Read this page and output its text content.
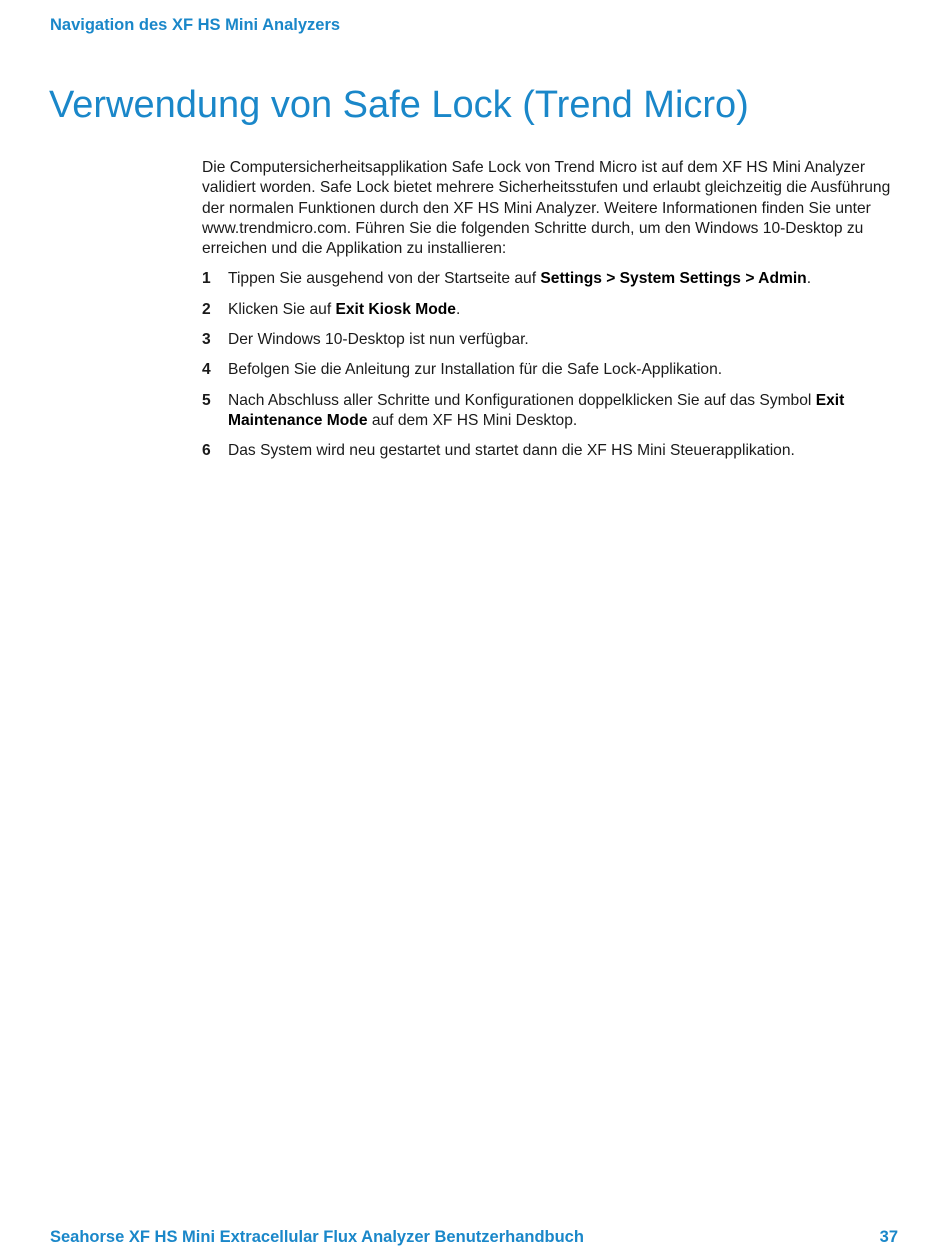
Navigation des XF HS Mini Analyzers
Verwendung von Safe Lock (Trend Micro)

Die Computersicherheitsapplikation Safe Lock von Trend Micro ist auf dem XF HS Mini Analyzer validiert worden. Safe Lock bietet mehrere Sicherheitsstufen und erlaubt gleichzeitig die Ausführung der normalen Funktionen durch den XF HS Mini Analyzer. Weitere Informationen finden Sie unter www.trendmicro.com. Führen Sie die folgenden Schritte durch, um den Windows 10-Desktop zu erreichen und die Applikation zu installieren:

1 Tippen Sie ausgehend von der Startseite auf Settings > System Settings > Admin.
2 Klicken Sie auf Exit Kiosk Mode.
3 Der Windows 10-Desktop ist nun verfügbar.
4 Befolgen Sie die Anleitung zur Installation für die Safe Lock-Applikation.
5 Nach Abschluss aller Schritte und Konfigurationen doppelklicken Sie auf das Symbol Exit Maintenance Mode auf dem XF HS Mini Desktop.
6 Das System wird neu gestartet und startet dann die XF HS Mini Steuerapplikation.
Seahorse XF HS Mini Extracellular Flux Analyzer Benutzerhandbuch	37
